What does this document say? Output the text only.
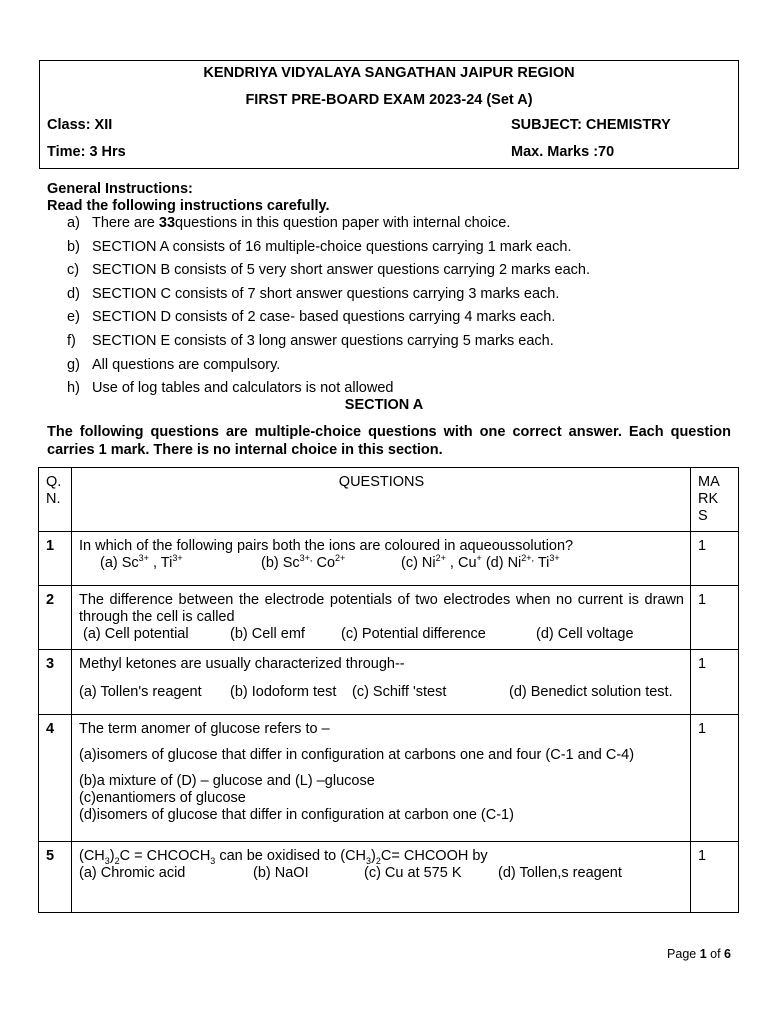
KENDRIYA VIDYALAYA SANGATHAN JAIPUR REGION
FIRST PRE-BOARD EXAM 2023-24 (Set A)
Class: XII	SUBJECT: CHEMISTRY
Time: 3 Hrs	Max. Marks :70
General Instructions:
Read the following instructions carefully.
a) There are 33questions in this question paper with internal choice.
b) SECTION A consists of 16 multiple-choice questions carrying 1 mark each.
c) SECTION B consists of 5 very short answer questions carrying 2 marks each.
d) SECTION C consists of 7 short answer questions carrying 3 marks each.
e) SECTION D consists of 2 case- based questions carrying 4 marks each.
f) SECTION E consists of 3 long answer questions carrying 5 marks each.
g) All questions are compulsory.
h) Use of log tables and calculators is not allowed
SECTION A
The following questions are multiple-choice questions with one correct answer. Each question carries 1 mark. There is no internal choice in this section.
Q.
N.	QUESTIONS	MA
RK
S
1	In which of the following pairs both the ions are coloured in aqueoussolution?
(a) $Sc^{3+}$ , $Ti^{3+}$ (b) $Sc^{3+,}$ $Co^{2+}$ (c) $Ni^{2+}$ , Cu+ (d) $Ni^{2+,}$ $Ti^{3+}$	1
2	The difference between the electrode potentials of two electrodes when no current is drawn through the cell is called
(a) Cell potential (b) Cell emf (c) Potential difference (d) Cell voltage	1
3	Methyl ketones are usually characterized through--
(a) Tollen's reagent (b) Iodoform test (c) Schiff 'stest (d) Benedict solution test.	1
4	The term anomer of glucose refers to –
(a)isomers of glucose that differ in configuration at carbons one and four (C-1 and C-4)
(b)a mixture of (D) – glucose and (L) –glucose
(c)enantiomers of glucose
(d)isomers of glucose that differ in configuration at carbon one (C-1)	1
5	$(CH_3)_2C$ = $CHCOCH_3$ can be oxidised to $(CH_3)_2C=$ CHCOOH by
(a) Chromic acid (b) NaOI (c) Cu at 575 K (d) Tollen,s reagent	1
Page 1 of 6
